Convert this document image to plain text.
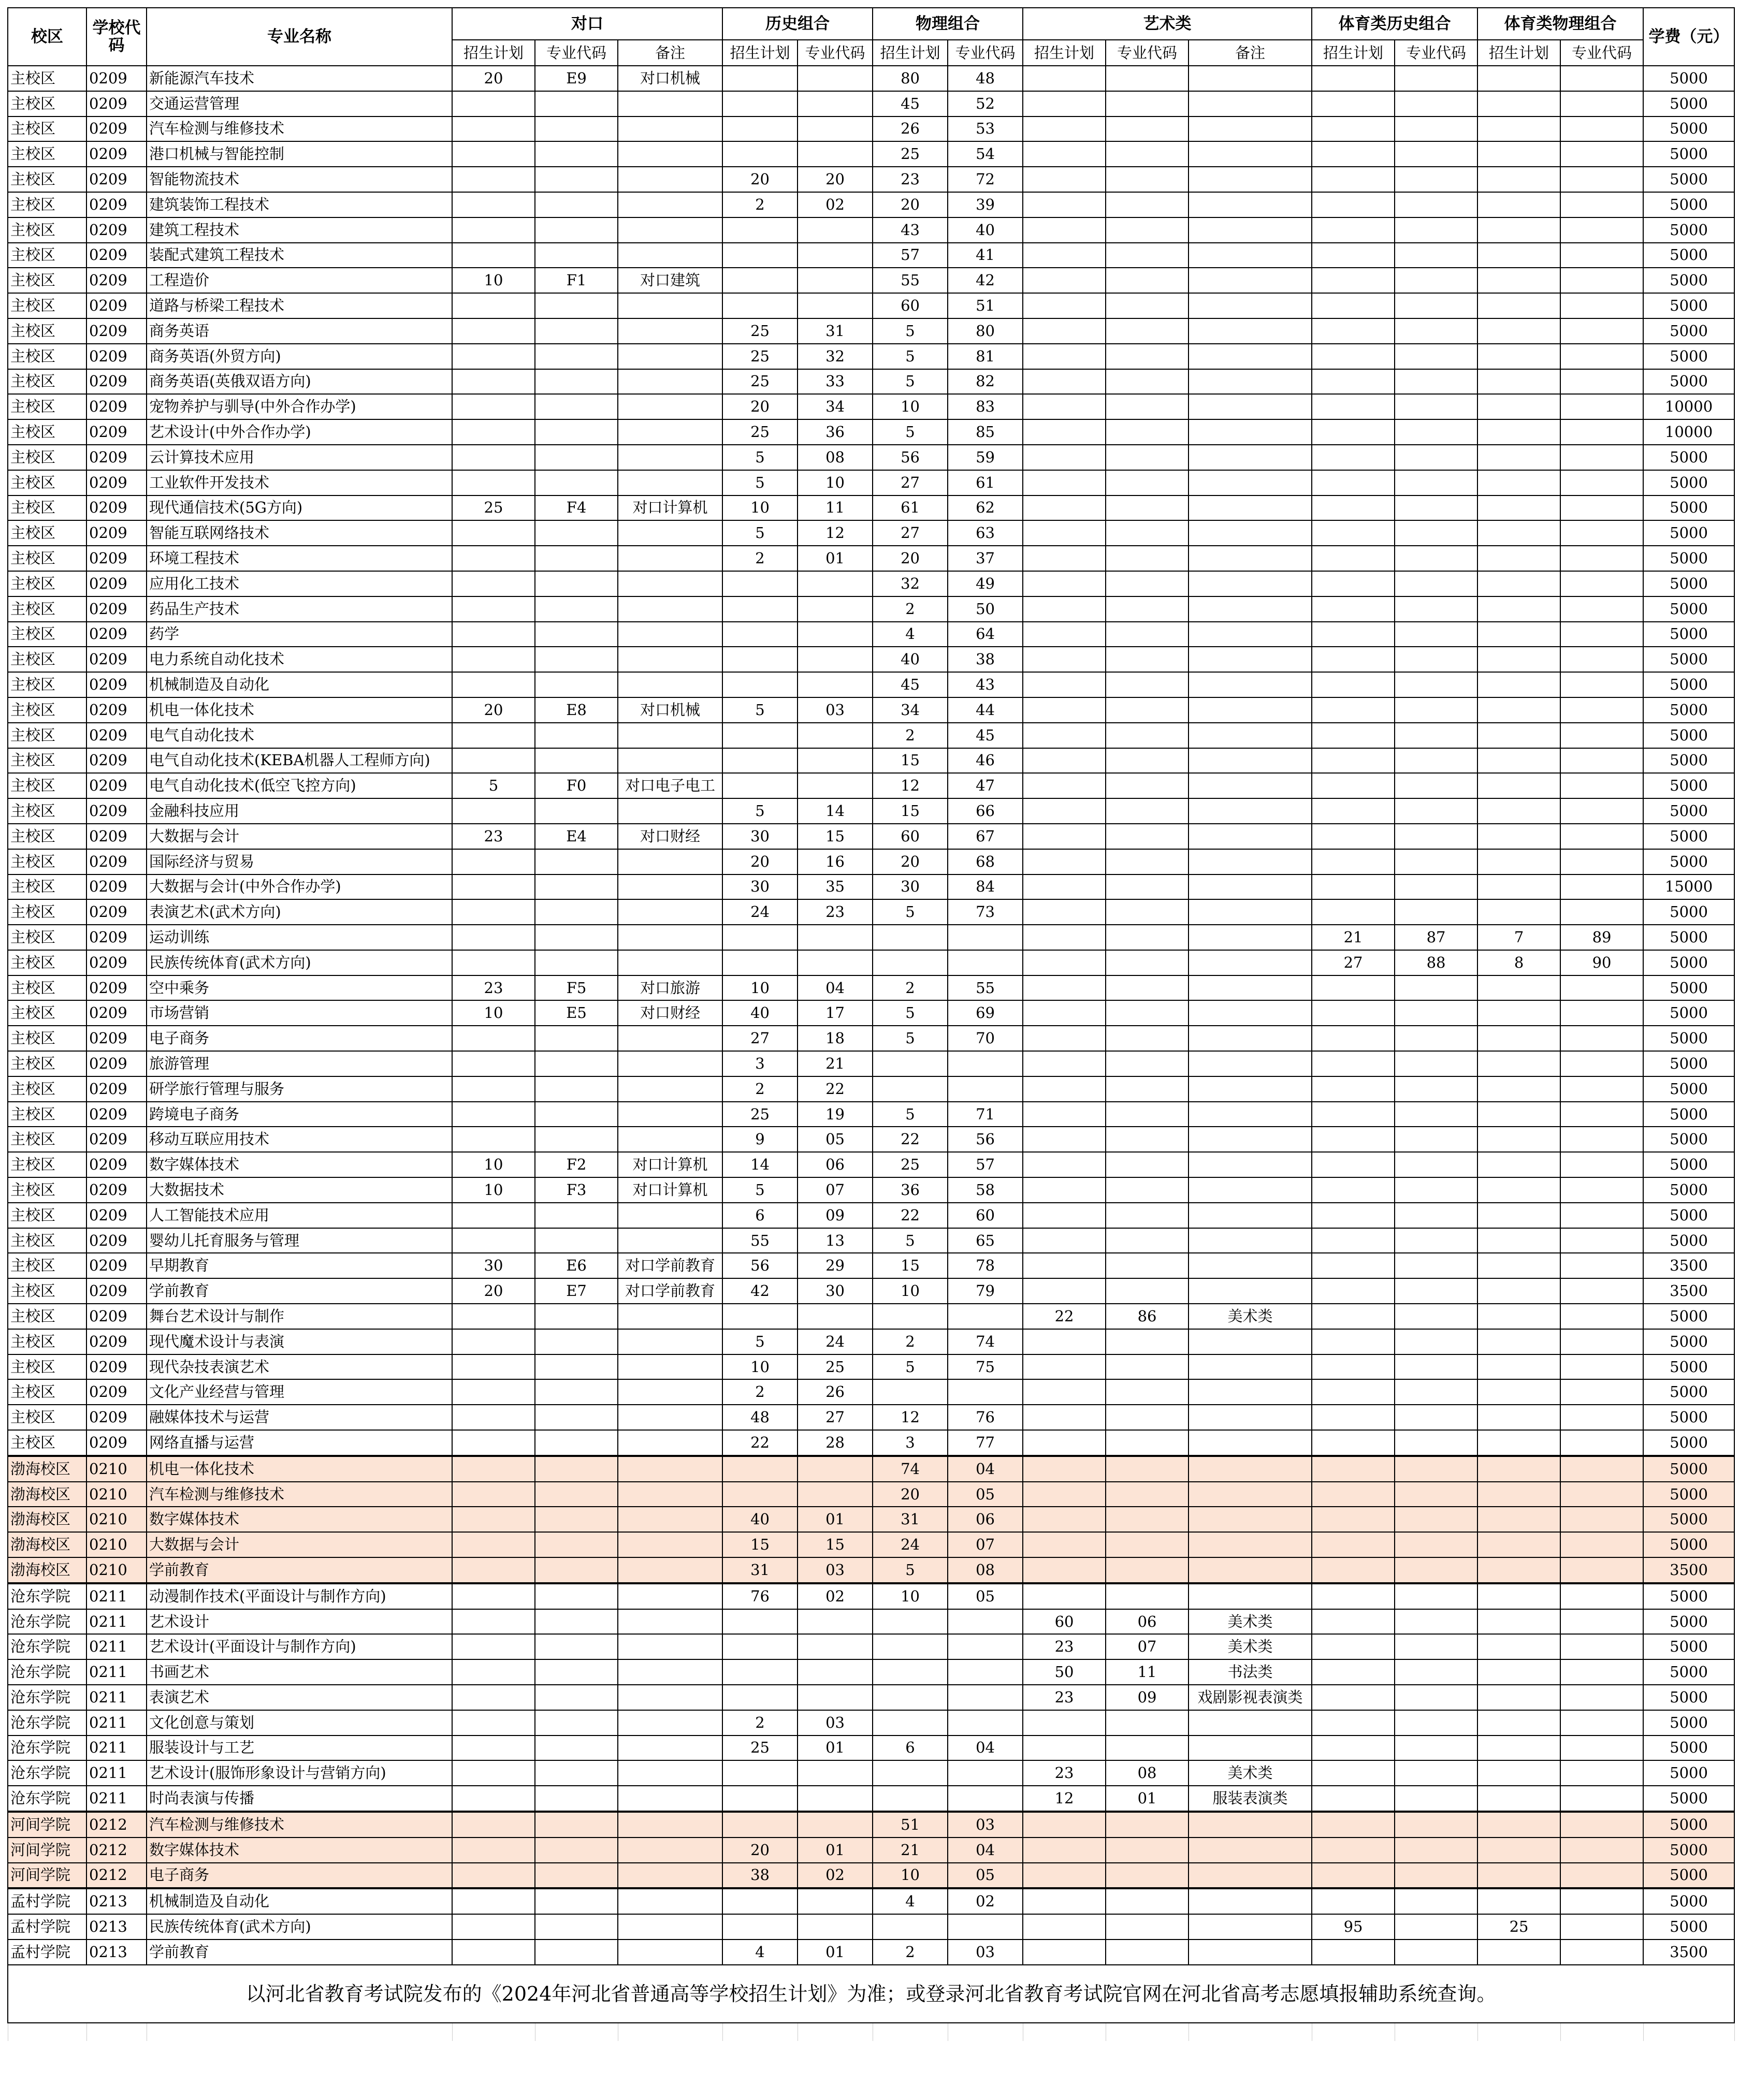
校区	学校代码	专业名称	对口			历史组合		物理组合		艺术类			体育类历史组合		体育类物理组合		学费（元）
			招生计划	专业代码	备注	招生计划	专业代码	招生计划	专业代码	招生计划	专业代码	备注	招生计划	专业代码	招生计划	专业代码	
主校区	0209	新能源汽车技术	20	E9	对口机械			80	48								5000
主校区	0209	交通运营管理						45	52								5000
主校区	0209	汽车检测与维修技术						26	53								5000
主校区	0209	港口机械与智能控制						25	54								5000
主校区	0209	智能物流技术				20	20	23	72								5000
主校区	0209	建筑装饰工程技术				2	02	20	39								5000
主校区	0209	建筑工程技术						43	40								5000
主校区	0209	装配式建筑工程技术						57	41								5000
主校区	0209	工程造价	10	F1	对口建筑			55	42								5000
主校区	0209	道路与桥梁工程技术						60	51								5000
主校区	0209	商务英语				25	31	5	80								5000
主校区	0209	商务英语(外贸方向)				25	32	5	81								5000
主校区	0209	商务英语(英俄双语方向)				25	33	5	82								5000
主校区	0209	宠物养护与驯导(中外合作办学)				20	34	10	83								10000
主校区	0209	艺术设计(中外合作办学)				25	36	5	85								10000
主校区	0209	云计算技术应用				5	08	56	59								5000
主校区	0209	工业软件开发技术				5	10	27	61								5000
主校区	0209	现代通信技术(5G方向)	25	F4	对口计算机	10	11	61	62								5000
主校区	0209	智能互联网络技术				5	12	27	63								5000
主校区	0209	环境工程技术				2	01	20	37								5000
主校区	0209	应用化工技术						32	49								5000
主校区	0209	药品生产技术						2	50								5000
主校区	0209	药学						4	64								5000
主校区	0209	电力系统自动化技术						40	38								5000
主校区	0209	机械制造及自动化						45	43								5000
主校区	0209	机电一体化技术	20	E8	对口机械	5	03	34	44								5000
主校区	0209	电气自动化技术						2	45								5000
主校区	0209	电气自动化技术(KEBA机器人工程师方向)						15	46								5000
主校区	0209	电气自动化技术(低空飞控方向)	5	F0	对口电子电工			12	47								5000
主校区	0209	金融科技应用				5	14	15	66								5000
主校区	0209	大数据与会计	23	E4	对口财经	30	15	60	67								5000
主校区	0209	国际经济与贸易				20	16	20	68								5000
主校区	0209	大数据与会计(中外合作办学)				30	35	30	84								15000
主校区	0209	表演艺术(武术方向)				24	23	5	73								5000
主校区	0209	运动训练											21	87	7	89	5000
主校区	0209	民族传统体育(武术方向)											27	88	8	90	5000
主校区	0209	空中乘务	23	F5	对口旅游	10	04	2	55								5000
主校区	0209	市场营销	10	E5	对口财经	40	17	5	69								5000
主校区	0209	电子商务				27	18	5	70								5000
主校区	0209	旅游管理				3	21										5000
主校区	0209	研学旅行管理与服务				2	22										5000
主校区	0209	跨境电子商务				25	19	5	71								5000
主校区	0209	移动互联应用技术				9	05	22	56								5000
主校区	0209	数字媒体技术	10	F2	对口计算机	14	06	25	57								5000
主校区	0209	大数据技术	10	F3	对口计算机	5	07	36	58								5000
主校区	0209	人工智能技术应用				6	09	22	60								5000
主校区	0209	婴幼儿托育服务与管理				55	13	5	65								5000
主校区	0209	早期教育	30	E6	对口学前教育	56	29	15	78								3500
主校区	0209	学前教育	20	E7	对口学前教育	42	30	10	79								3500
主校区	0209	舞台艺术设计与制作								22	86	美术类					5000
主校区	0209	现代魔术设计与表演				5	24	2	74								5000
主校区	0209	现代杂技表演艺术				10	25	5	75								5000
主校区	0209	文化产业经营与管理				2	26										5000
主校区	0209	融媒体技术与运营				48	27	12	76								5000
主校区	0209	网络直播与运营				22	28	3	77								5000
渤海校区	0210	机电一体化技术						74	04								5000
渤海校区	0210	汽车检测与维修技术						20	05								5000
渤海校区	0210	数字媒体技术				40	01	31	06								5000
渤海校区	0210	大数据与会计				15	15	24	07								5000
渤海校区	0210	学前教育				31	03	5	08								3500
沧东学院	0211	动漫制作技术(平面设计与制作方向)				76	02	10	05								5000
沧东学院	0211	艺术设计								60	06	美术类					5000
沧东学院	0211	艺术设计(平面设计与制作方向)								23	07	美术类					5000
沧东学院	0211	书画艺术								50	11	书法类					5000
沧东学院	0211	表演艺术								23	09	戏剧影视表演类					5000
沧东学院	0211	文化创意与策划				2	03										5000
沧东学院	0211	服装设计与工艺				25	01	6	04								5000
沧东学院	0211	艺术设计(服饰形象设计与营销方向)								23	08	美术类					5000
沧东学院	0211	时尚表演与传播								12	01	服装表演类					5000
河间学院	0212	汽车检测与维修技术						51	03								5000
河间学院	0212	数字媒体技术				20	01	21	04								5000
河间学院	0212	电子商务				38	02	10	05								5000
孟村学院	0213	机械制造及自动化						4	02								5000
孟村学院	0213	民族传统体育(武术方向)											95		25		5000
孟村学院	0213	学前教育				4	01	2	03								3500
以河北省教育考试院发布的《2024年河北省普通高等学校招生计划》为准；或登录河北省教育考试院官网在河北省高考志愿填报辅助系统查询。																	
